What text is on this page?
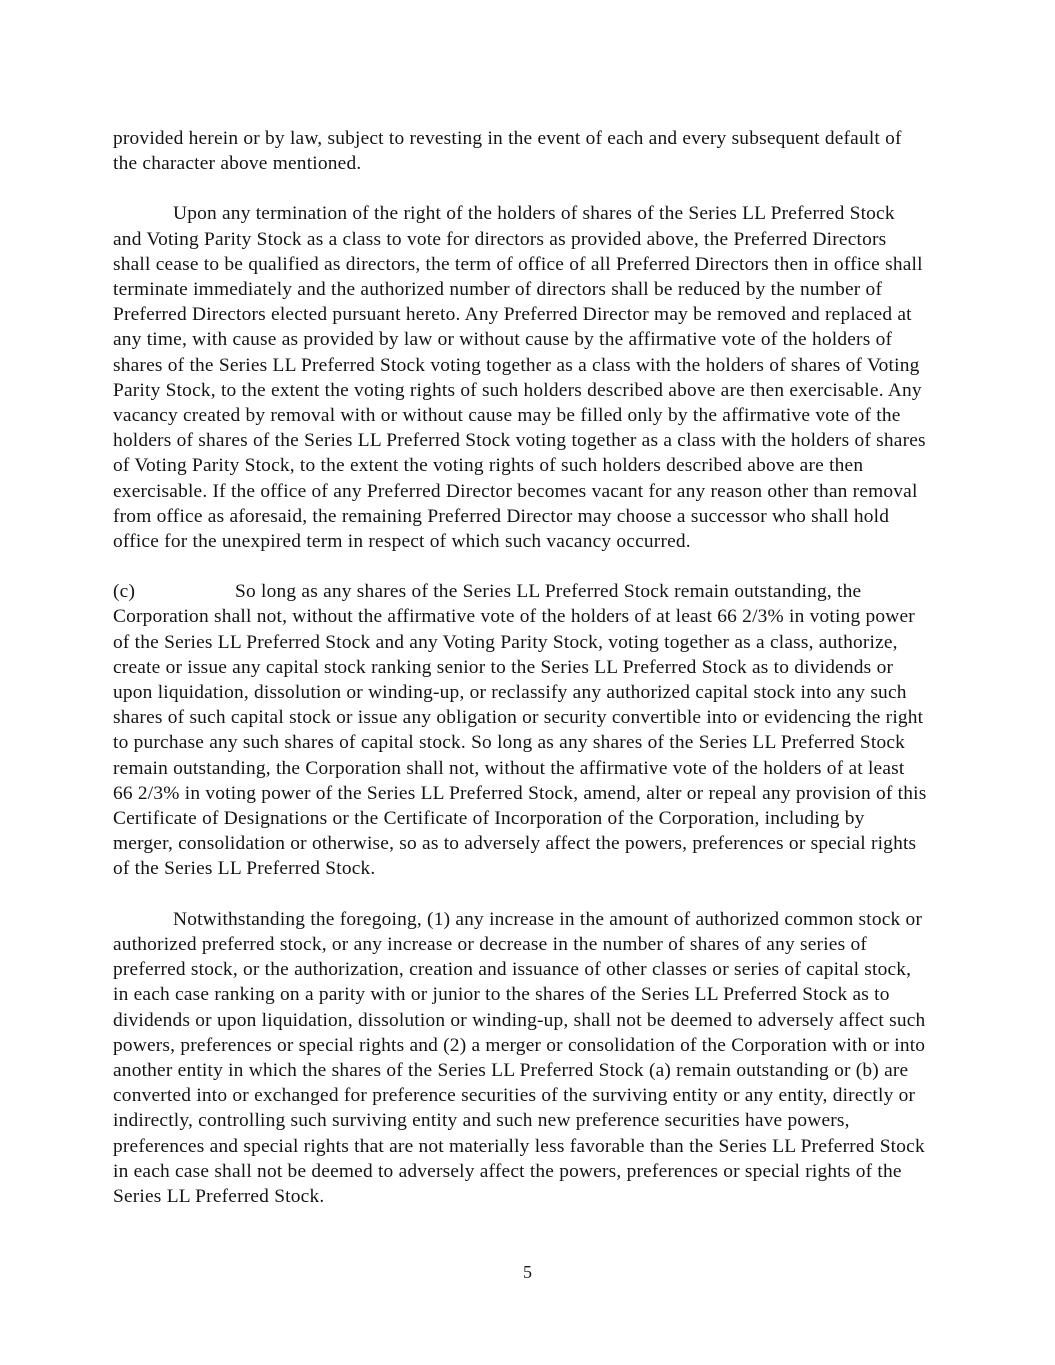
provided herein or by law, subject to revesting in the event of each and every subsequent default of the character above mentioned.

Upon any termination of the right of the holders of shares of the Series LL Preferred Stock and Voting Parity Stock as a class to vote for directors as provided above, the Preferred Directors shall cease to be qualified as directors, the term of office of all Preferred Directors then in office shall terminate immediately and the authorized number of directors shall be reduced by the number of Preferred Directors elected pursuant hereto. Any Preferred Director may be removed and replaced at any time, with cause as provided by law or without cause by the affirmative vote of the holders of shares of the Series LL Preferred Stock voting together as a class with the holders of shares of Voting Parity Stock, to the extent the voting rights of such holders described above are then exercisable. Any vacancy created by removal with or without cause may be filled only by the affirmative vote of the holders of shares of the Series LL Preferred Stock voting together as a class with the holders of shares of Voting Parity Stock, to the extent the voting rights of such holders described above are then exercisable. If the office of any Preferred Director becomes vacant for any reason other than removal from office as aforesaid, the remaining Preferred Director may choose a successor who shall hold office for the unexpired term in respect of which such vacancy occurred.

(c)	So long as any shares of the Series LL Preferred Stock remain outstanding, the Corporation shall not, without the affirmative vote of the holders of at least 66 2/3% in voting power of the Series LL Preferred Stock and any Voting Parity Stock, voting together as a class, authorize, create or issue any capital stock ranking senior to the Series LL Preferred Stock as to dividends or upon liquidation, dissolution or winding-up, or reclassify any authorized capital stock into any such shares of such capital stock or issue any obligation or security convertible into or evidencing the right to purchase any such shares of capital stock. So long as any shares of the Series LL Preferred Stock remain outstanding, the Corporation shall not, without the affirmative vote of the holders of at least 66 2/3% in voting power of the Series LL Preferred Stock, amend, alter or repeal any provision of this Certificate of Designations or the Certificate of Incorporation of the Corporation, including by merger, consolidation or otherwise, so as to adversely affect the powers, preferences or special rights of the Series LL Preferred Stock.

Notwithstanding the foregoing, (1) any increase in the amount of authorized common stock or authorized preferred stock, or any increase or decrease in the number of shares of any series of preferred stock, or the authorization, creation and issuance of other classes or series of capital stock, in each case ranking on a parity with or junior to the shares of the Series LL Preferred Stock as to dividends or upon liquidation, dissolution or winding-up, shall not be deemed to adversely affect such powers, preferences or special rights and (2) a merger or consolidation of the Corporation with or into another entity in which the shares of the Series LL Preferred Stock (a) remain outstanding or (b) are converted into or exchanged for preference securities of the surviving entity or any entity, directly or indirectly, controlling such surviving entity and such new preference securities have powers, preferences and special rights that are not materially less favorable than the Series LL Preferred Stock in each case shall not be deemed to adversely affect the powers, preferences or special rights of the Series LL Preferred Stock.

5
